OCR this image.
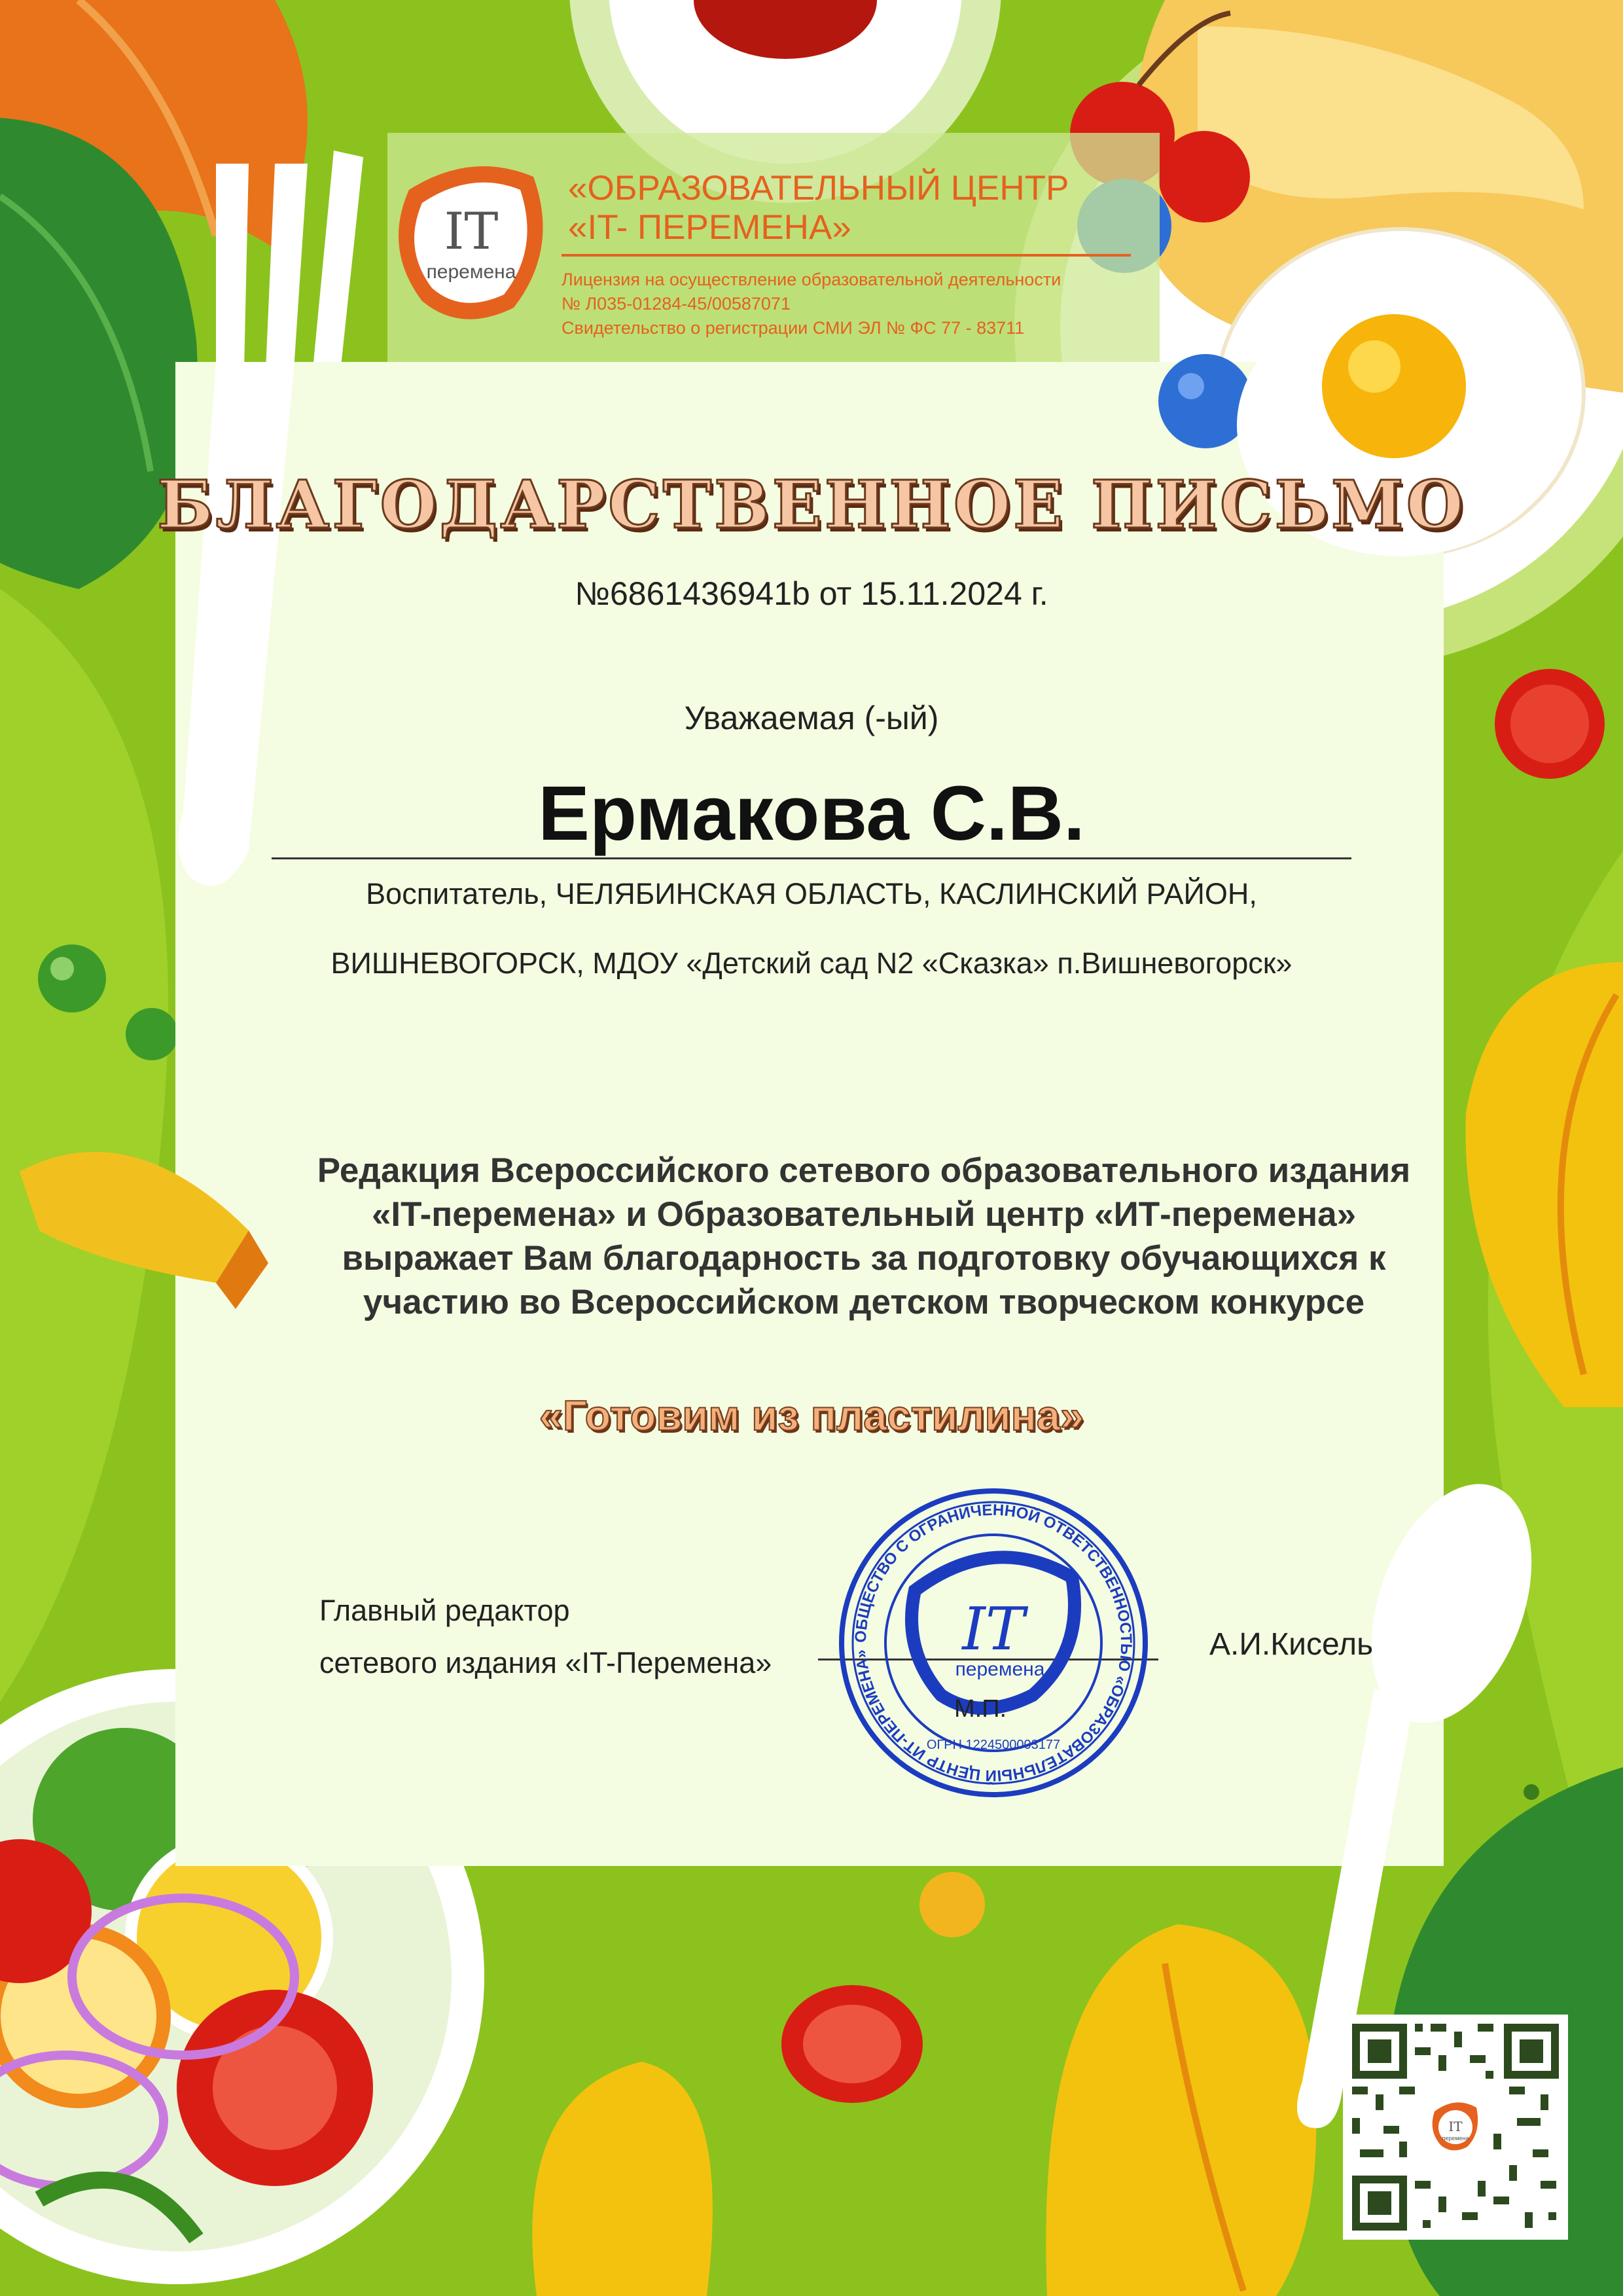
IT
перемена
«ОБРАЗОВАТЕЛЬНЫЙ ЦЕНТР
«IT- ПЕРЕМЕНА»
Лицензия на осуществление образовательной деятельности
№ Л035-01284-45/00587071
Свидетельство о регистрации СМИ ЭЛ № ФС 77 - 83711
БЛАГОДАРСТВЕННОЕ ПИСЬМО
№6861436941b от 15.11.2024 г.
Уважаемая (-ый)
Ермакова С.В.
Воспитатель, ЧЕЛЯБИНСКАЯ ОБЛАСТЬ, КАСЛИНСКИЙ РАЙОН,
ВИШНЕВОГОРСК, МДОУ «Детский сад N2 «Сказка» п.Вишневогорск»
Редакция Всероссийского сетевого образовательного издания
«IT-перемена» и Образовательный центр «ИТ-перемена»
выражает Вам благодарность за подготовку обучающихся к
участию во Всероссийском детском творческом конкурсе
«Готовим из пластилина»
Главный редактор
сетевого издания «IT-Перемена»
А.И.Кисель
ОБЩЕСТВО С ОГРАНИЧЕННОЙ ОТВЕТСТВЕННОСТЬЮ «ОБРАЗОВАТЕЛЬНЫЙ ЦЕНТР ИТ-ПЕРЕМЕНА»
ОГРН 1224500003177
IT
перемена
М.П.
IT
перемена
